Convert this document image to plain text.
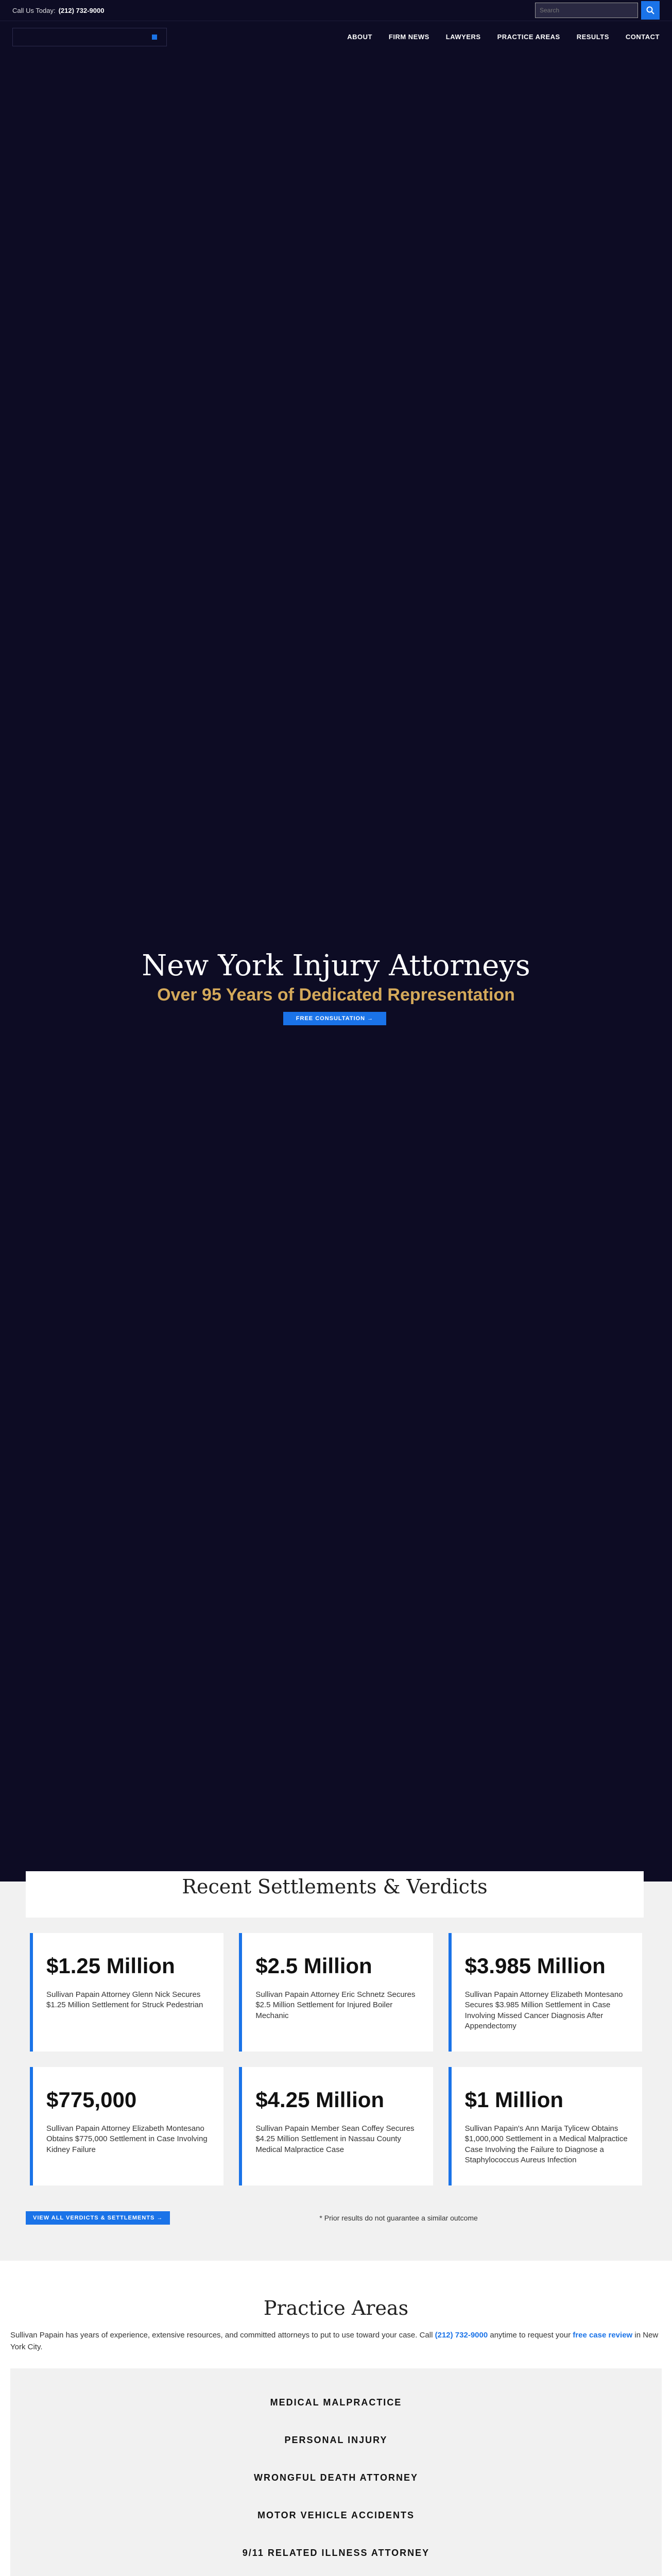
Call Us Today: (212) 732-9000
Search
ABOUT	FIRM NEWS	LAWYERS	PRACTICE AREAS	RESULTS	CONTACT
New York Injury Attorneys
Over 95 Years of Dedicated Representation
FREE CONSULTATION →
Recent Settlements & Verdicts
$1.25 Million
Sullivan Papain Attorney Glenn Nick Secures $1.25 Million Settlement for Struck Pedestrian
$2.5 Million
Sullivan Papain Attorney Eric Schnetz Secures $2.5 Million Settlement for Injured Boiler Mechanic
$3.985 Million
Sullivan Papain Attorney Elizabeth Montesano Secures $3.985 Million Settlement in Case Involving Missed Cancer Diagnosis After Appendectomy
$775,000
Sullivan Papain Attorney Elizabeth Montesano Obtains $775,000 Settlement in Case Involving Kidney Failure
$4.25 Million
Sullivan Papain Member Sean Coffey Secures $4.25 Million Settlement in Nassau County Medical Malpractice Case
$1 Million
Sullivan Papain's Ann Marija Tylicew Obtains $1,000,000 Settlement in a Medical Malpractice Case Involving the Failure to Diagnose a Staphylococcus Aureus Infection
VIEW ALL VERDICTS & SETTLEMENTS →	* Prior results do not guarantee a similar outcome
Practice Areas

Sullivan Papain has years of experience, extensive resources, and committed attorneys to put to use toward your case. Call (212) 732-9000 anytime to request your free case review in New York City.

MEDICAL MALPRACTICE
PERSONAL INJURY
WRONGFUL DEATH ATTORNEY
MOTOR VEHICLE ACCIDENTS
9/11 RELATED ILLNESS ATTORNEY
